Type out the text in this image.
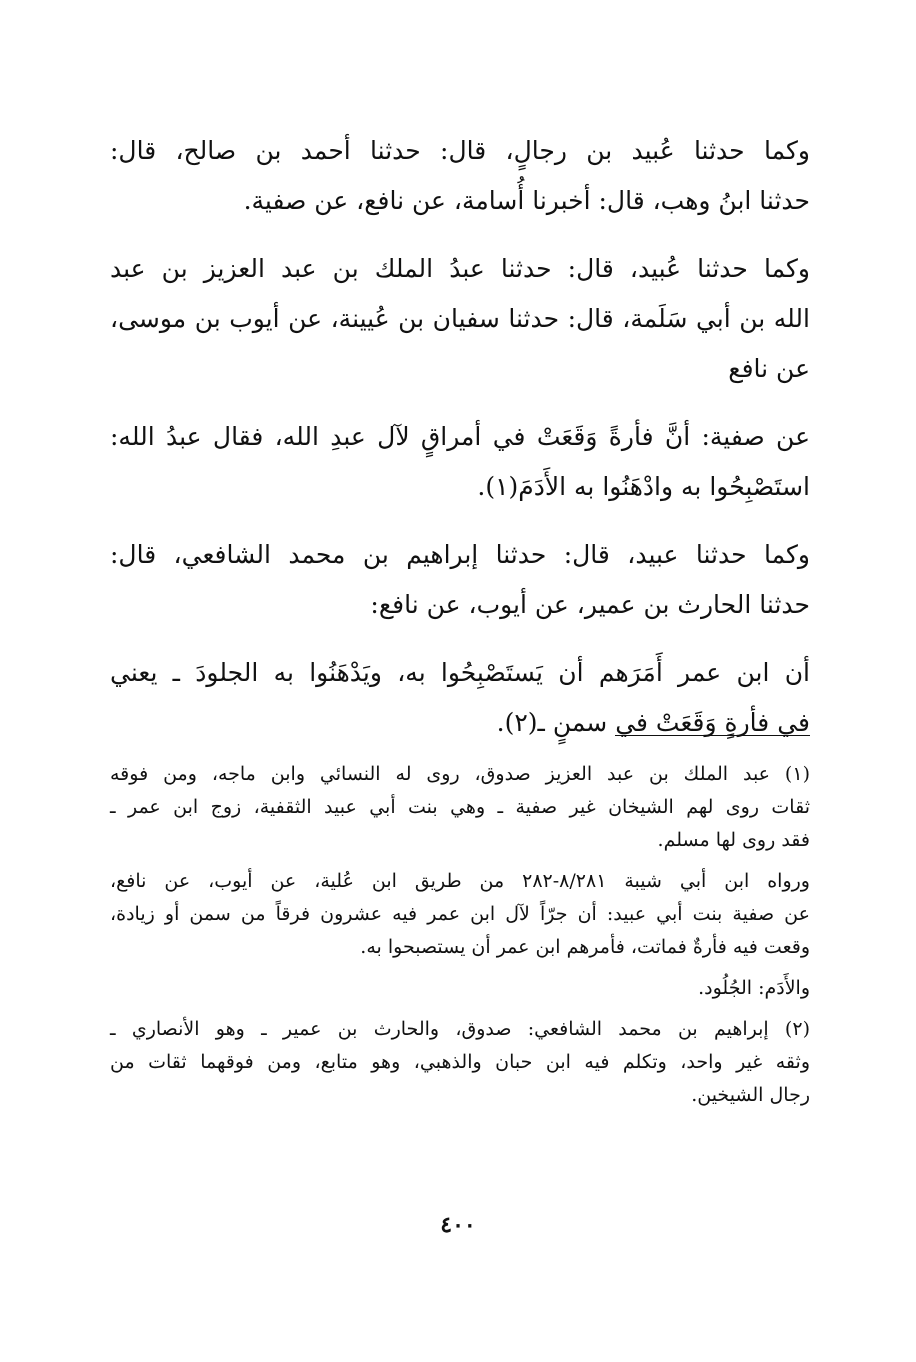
وكما حدثنا عُبيد بن رجالٍ، قال: حدثنا أحمد بن صالح، قال:
حدثنا ابنُ وهب، قال: أخبرنا أُسامة، عن نافع، عن صفية.

وكما حدثنا عُبيد، قال: حدثنا عبدُ الملك بن عبد العزيز بن عبد
الله بن أبي سَلَمة، قال: حدثنا سفيان بن عُيينة، عن أيوب بن موسى،
عن نافع

عن صفية: أنَّ فأرةً وَقَعَتْ في أمراقٍ لآل عبدِ الله، فقال عبدُ الله:
استَصْبِحُوا به وادْهَنُوا به الأَدَمَ(١).

وكما حدثنا عبيد، قال: حدثنا إبراهيم بن محمد الشافعي، قال:
حدثنا الحارث بن عمير، عن أيوب، عن نافع:

أن ابن عمر أَمَرَهم أن يَستَصْبِحُوا به، ويَدْهَنُوا به الجلودَ ـ يعني
في فأرةٍ وَقَعَتْ في سمنٍ ـ(٢).

(١) عبد الملك بن عبد العزيز صدوق، روى له النسائي وابن ماجه، ومن فوقه
ثقات روى لهم الشيخان غير صفية ـ وهي بنت أبي عبيد الثقفية، زوج ابن عمر ـ
فقد روى لها مسلم.

ورواه ابن أبي شيبة ٨/٢٨١-٢٨٢ من طريق ابن عُلية، عن أيوب، عن نافع،
عن صفية بنت أبي عبيد: أن جرّاً لآل ابن عمر فيه عشرون فرقاً من سمن أو زيادة،
وقعت فيه فأرةٌ فماتت، فأمرهم ابن عمر أن يستصبحوا به.

والأَدَم: الجُلُود.

(٢) إبراهيم بن محمد الشافعي: صدوق، والحارث بن عمير ـ وهو الأنصاري ـ
وثقه غير واحد، وتكلم فيه ابن حبان والذهبي، وهو متابع، ومن فوقهما ثقات من
رجال الشيخين.

٤٠٠
